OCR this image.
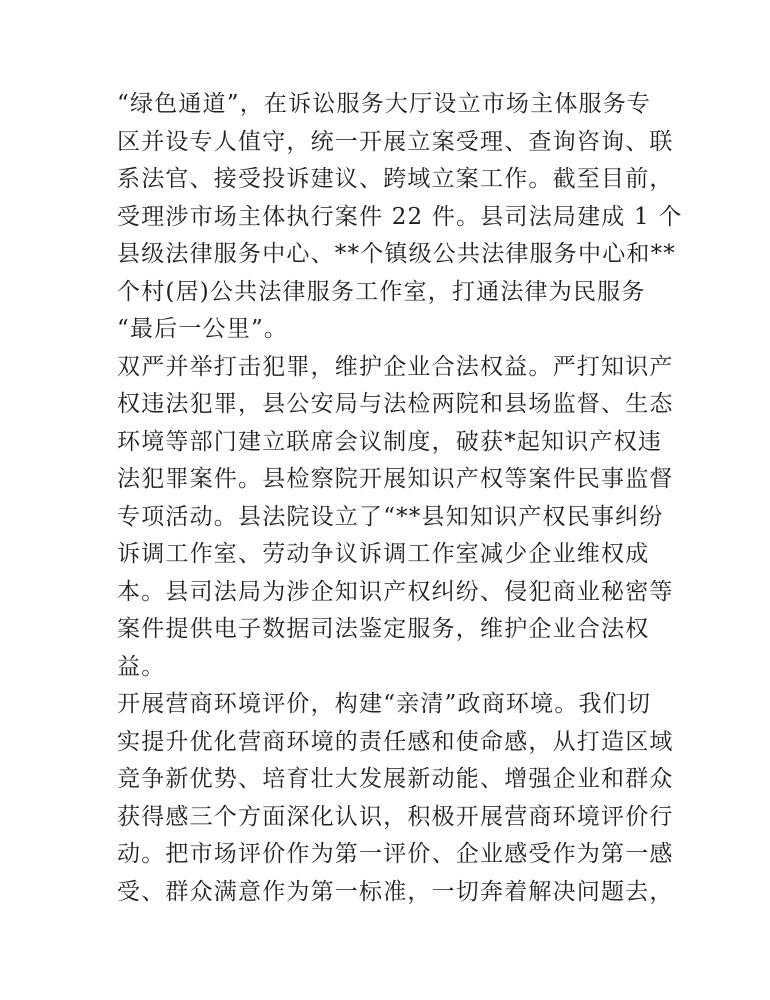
“绿色通道”，在诉讼服务大厅设立市场主体服务专
区并设专人值守，统一开展立案受理、查询咨询、联
系法官、接受投诉建议、跨域立案工作。截至目前，
受理涉市场主体执行案件 22 件。县司法局建成 1 个
县级法律服务中心、**个镇级公共法律服务中心和**
个村(居)公共法律服务工作室，打通法律为民服务
“最后一公里”。
双严并举打击犯罪，维护企业合法权益。严打知识产
权违法犯罪，县公安局与法检两院和县场监督、生态
环境等部门建立联席会议制度，破获*起知识产权违
法犯罪案件。县检察院开展知识产权等案件民事监督
专项活动。县法院设立了“**县知知识产权民事纠纷
诉调工作室、劳动争议诉调工作室减少企业维权成
本。县司法局为涉企知识产权纠纷、侵犯商业秘密等
案件提供电子数据司法鉴定服务，维护企业合法权
益。
开展营商环境评价，构建“亲清”政商环境。我们切
实提升优化营商环境的责任感和使命感，从打造区域
竞争新优势、培育壮大发展新动能、增强企业和群众
获得感三个方面深化认识，积极开展营商环境评价行
动。把市场评价作为第一评价、企业感受作为第一感
受、群众满意作为第一标准，一切奔着解决问题去，
